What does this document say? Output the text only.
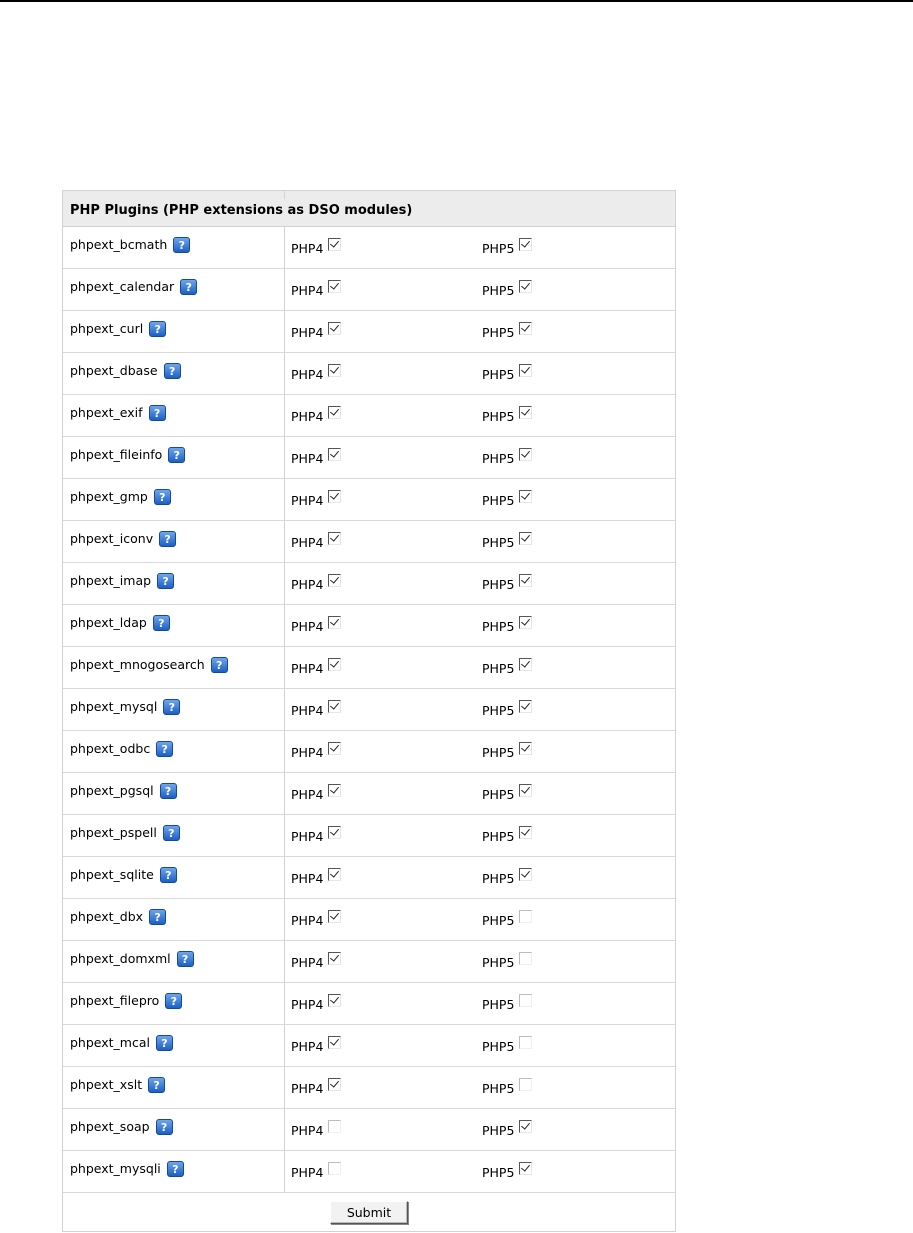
PHP Plugins (PHP extensions as DSO modules)
phpext_bcmath	?	PHP4	PHP5
phpext_calendar	?	PHP4	PHP5
phpext_curl	?	PHP4	PHP5
phpext_dbase	?	PHP4	PHP5
phpext_exif	?	PHP4	PHP5
phpext_fileinfo	?	PHP4	PHP5
phpext_gmp	?	PHP4	PHP5
phpext_iconv	?	PHP4	PHP5
phpext_imap	?	PHP4	PHP5
phpext_ldap	?	PHP4	PHP5
phpext_mnogosearch	?	PHP4	PHP5
phpext_mysql	?	PHP4	PHP5
phpext_odbc	?	PHP4	PHP5
phpext_pgsql	?	PHP4	PHP5
phpext_pspell	?	PHP4	PHP5
phpext_sqlite	?	PHP4	PHP5
phpext_dbx	?	PHP4	PHP5
phpext_domxml	?	PHP4	PHP5
phpext_filepro	?	PHP4	PHP5
phpext_mcal	?	PHP4	PHP5
phpext_xslt	?	PHP4	PHP5
phpext_soap	?	PHP4	PHP5
phpext_mysqli	?	PHP4	PHP5
Submit
